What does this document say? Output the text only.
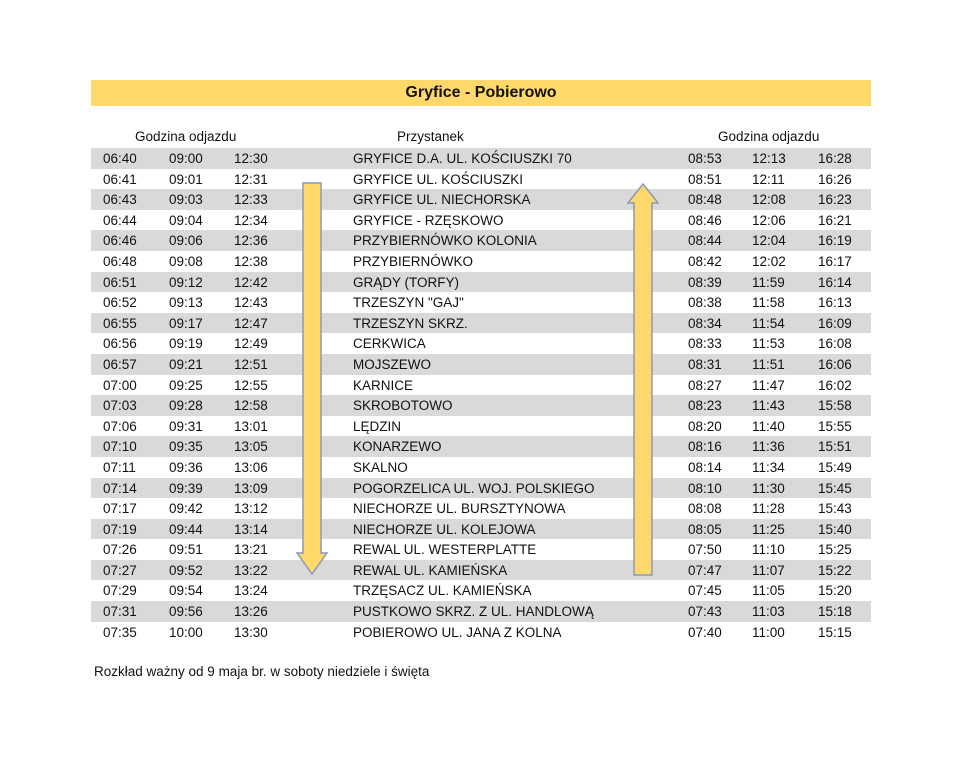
Gryfice - Pobierowo
Godzina odjazdu	Przystanek	Godzina odjazdu
06:40 09:00 12:30	GRYFICE D.A. UL. KOŚCIUSZKI 70	08:53 12:13 16:28
06:41 09:01 12:31	GRYFICE UL. KOŚCIUSZKI	08:51 12:11 16:26
06:43 09:03 12:33	GRYFICE UL. NIECHORSKA	08:48 12:08 16:23
06:44 09:04 12:34	GRYFICE - RZĘSKOWO	08:46 12:06 16:21
06:46 09:06 12:36	PRZYBIERNÓWKO KOLONIA	08:44 12:04 16:19
06:48 09:08 12:38	PRZYBIERNÓWKO	08:42 12:02 16:17
06:51 09:12 12:42	GRĄDY (TORFY)	08:39 11:59 16:14
06:52 09:13 12:43	TRZESZYN "GAJ"	08:38 11:58 16:13
06:55 09:17 12:47	TRZESZYN SKRZ.	08:34 11:54 16:09
06:56 09:19 12:49	CERKWICA	08:33 11:53 16:08
06:57 09:21 12:51	MOJSZEWO	08:31 11:51 16:06
07:00 09:25 12:55	KARNICE	08:27 11:47 16:02
07:03 09:28 12:58	SKROBOTOWO	08:23 11:43 15:58
07:06 09:31 13:01	LĘDZIN	08:20 11:40 15:55
07:10 09:35 13:05	KONARZEWO	08:16 11:36 15:51
07:11 09:36 13:06	SKALNO	08:14 11:34 15:49
07:14 09:39 13:09	POGORZELICA UL. WOJ. POLSKIEGO	08:10 11:30 15:45
07:17 09:42 13:12	NIECHORZE UL. BURSZTYNOWA	08:08 11:28 15:43
07:19 09:44 13:14	NIECHORZE UL. KOLEJOWA	08:05 11:25 15:40
07:26 09:51 13:21	REWAL UL. WESTERPLATTE	07:50 11:10 15:25
07:27 09:52 13:22	REWAL UL. KAMIEŃSKA	07:47 11:07 15:22
07:29 09:54 13:24	TRZĘSACZ UL. KAMIEŃSKA	07:45 11:05 15:20
07:31 09:56 13:26	PUSTKOWO SKRZ. Z UL. HANDLOWĄ	07:43 11:03 15:18
07:35 10:00 13:30	POBIEROWO UL. JANA Z KOLNA	07:40 11:00 15:15
Rozkład ważny od 9 maja br. w soboty niedziele i święta
